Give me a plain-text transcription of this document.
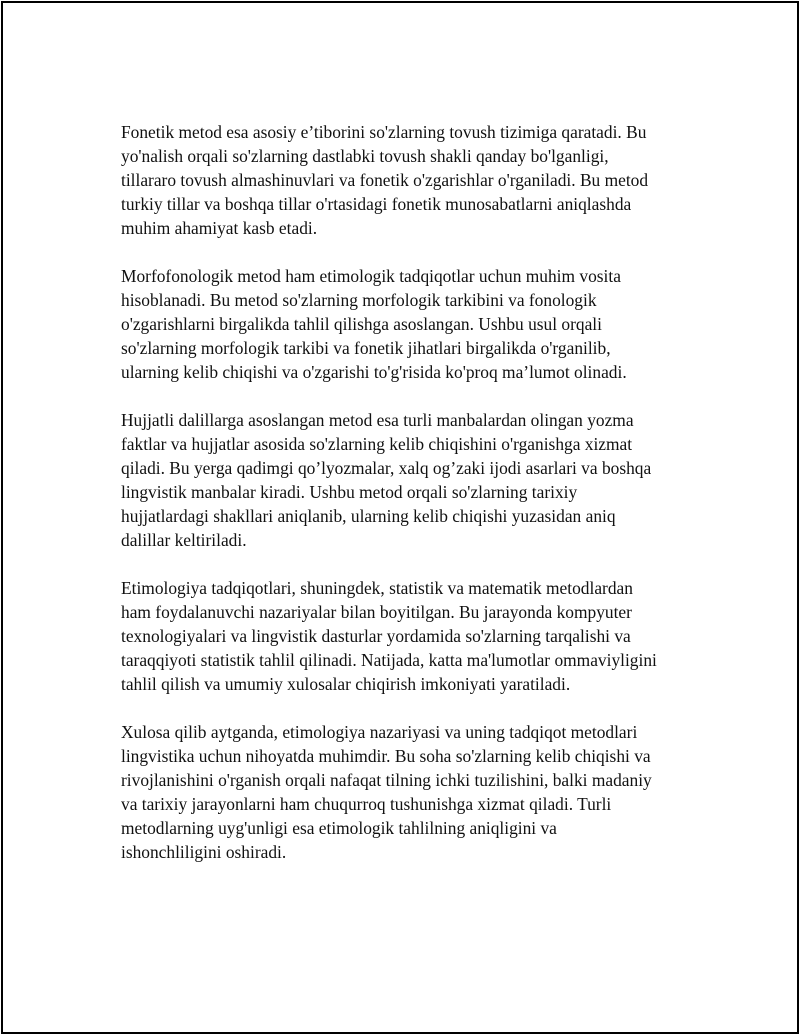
Fonetik metod esa asosiy e’tiborini so'zlarning tovush tizimiga qaratadi. Bu
yo'nalish orqali so'zlarning dastlabki tovush shakli qanday bo'lganligi,
tillararo tovush almashinuvlari va fonetik o'zgarishlar o'rganiladi. Bu metod
turkiy tillar va boshqa tillar o'rtasidagi fonetik munosabatlarni aniqlashda
muhim ahamiyat kasb etadi.

Morfofonologik metod ham etimologik tadqiqotlar uchun muhim vosita
hisoblanadi. Bu metod so'zlarning morfologik tarkibini va fonologik
o'zgarishlarni birgalikda tahlil qilishga asoslangan. Ushbu usul orqali
so'zlarning morfologik tarkibi va fonetik jihatlari birgalikda o'rganilib,
ularning kelib chiqishi va o'zgarishi to'g'risida ko'proq ma’lumot olinadi.

Hujjatli dalillarga asoslangan metod esa turli manbalardan olingan yozma
faktlar va hujjatlar asosida so'zlarning kelib chiqishini o'rganishga xizmat
qiladi. Bu yerga qadimgi qo’lyozmalar, xalq og’zaki ijodi asarlari va boshqa
lingvistik manbalar kiradi. Ushbu metod orqali so'zlarning tarixiy
hujjatlardagi shakllari aniqlanib, ularning kelib chiqishi yuzasidan aniq
dalillar keltiriladi.

Etimologiya tadqiqotlari, shuningdek, statistik va matematik metodlardan
ham foydalanuvchi nazariyalar bilan boyitilgan. Bu jarayonda kompyuter
texnologiyalari va lingvistik dasturlar yordamida so'zlarning tarqalishi va
taraqqiyoti statistik tahlil qilinadi. Natijada, katta ma'lumotlar ommaviyligini
tahlil qilish va umumiy xulosalar chiqirish imkoniyati yaratiladi.

Xulosa qilib aytganda, etimologiya nazariyasi va uning tadqiqot metodlari
lingvistika uchun nihoyatda muhimdir. Bu soha so'zlarning kelib chiqishi va
rivojlanishini o'rganish orqali nafaqat tilning ichki tuzilishini, balki madaniy
va tarixiy jarayonlarni ham chuqurroq tushunishga xizmat qiladi. Turli
metodlarning uyg'unligi esa etimologik tahlilning aniqligini va
ishonchliligini oshiradi.
